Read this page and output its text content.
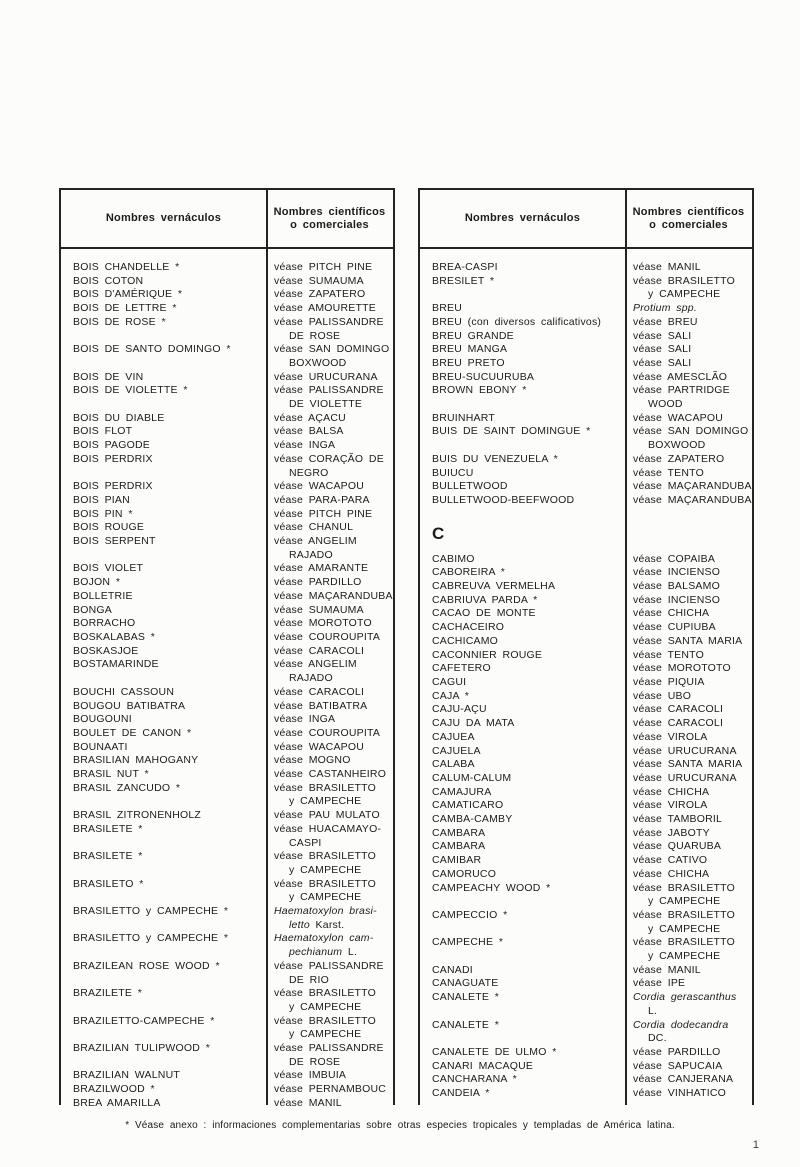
Nombres vernáculos
Nombres científicos
o comerciales
BOIS CHANDELLE *	véase PITCH PINE
BOIS COTON	véase SUMAUMA
BOIS D'AMÉRIQUE *	véase ZAPATERO
BOIS DE LETTRE *	véase AMOURETTE
BOIS DE ROSE *	véase PALISSANDRE
DE ROSE
BOIS DE SANTO DOMINGO *	véase SAN DOMINGO
BOXWOOD
BOIS DE VIN	véase URUCURANA
BOIS DE VIOLETTE *	véase PALISSANDRE
DE VIOLETTE
BOIS DU DIABLE	véase AÇACU
BOIS FLOT	véase BALSA
BOIS PAGODE	véase INGA
BOIS PERDRIX	véase CORAÇÃO DE
NEGRO
BOIS PERDRIX	véase WACAPOU
BOIS PIAN	véase PARA-PARA
BOIS PIN *	véase PITCH PINE
BOIS ROUGE	véase CHANUL
BOIS SERPENT	véase ANGELIM
RAJADO
BOIS VIOLET	véase AMARANTE
BOJON *	véase PARDILLO
BOLLETRIE	véase MAÇARANDUBA
BONGA	véase SUMAUMA
BORRACHO	véase MOROTOTO
BOSKALABAS *	véase COUROUPITA
BOSKASJOE	véase CARACOLI
BOSTAMARINDE	véase ANGELIM
RAJADO
BOUCHI CASSOUN	véase CARACOLI
BOUGOU BATIBATRA	véase BATIBATRA
BOUGOUNI	véase INGA
BOULET DE CANON *	véase COUROUPITA
BOUNAATI	véase WACAPOU
BRASILIAN MAHOGANY	véase MOGNO
BRASIL NUT *	véase CASTANHEIRO
BRASIL ZANCUDO *	véase BRASILETTO
y CAMPECHE
BRASIL ZITRONENHOLZ	véase PAU MULATO
BRASILETE *	véase HUACAMAYO-
CASPI
BRASILETE *	véase BRASILETTO
y CAMPECHE
BRASILETO *	véase BRASILETTO
y CAMPECHE
BRASILETTO y CAMPECHE *	Haematoxylon brasi-
letto Karst.
BRASILETTO y CAMPECHE *	Haematoxylon cam-
pechianum L.
BRAZILEAN ROSE WOOD *	véase PALISSANDRE
DE RIO
BRAZILETE *	véase BRASILETTO
y CAMPECHE
BRAZILETTO-CAMPECHE *	véase BRASILETTO
y CAMPECHE
BRAZILIAN TULIPWOOD *	véase PALISSANDRE
DE ROSE
BRAZILIAN WALNUT	véase IMBUIA
BRAZILWOOD *	véase PERNAMBOUC
BREA AMARILLA	véase MANIL
Nombres vernáculos
Nombres científicos
o comerciales
BREA-CASPI	véase MANIL
BRESILET *	véase BRASILETTO
y CAMPECHE
BREU	Protium spp.
BREU (con diversos calificativos)	véase BREU
BREU GRANDE	véase SALI
BREU MANGA	véase SALI
BREU PRETO	véase SALI
BREU-SUCUURUBA	véase AMESCLÃO
BROWN EBONY *	véase PARTRIDGE
WOOD
BRUINHART	véase WACAPOU
BUIS DE SAINT DOMINGUE *	véase SAN DOMINGO
BOXWOOD
BUIS DU VENEZUELA *	véase ZAPATERO
BUIUCU	véase TENTO
BULLETWOOD	véase MAÇARANDUBA
BULLETWOOD-BEEFWOOD	véase MAÇARANDUBA
C
CABIMO	véase COPAIBA
CABOREIRA *	véase INCIENSO
CABREUVA VERMELHA	véase BALSAMO
CABRIUVA PARDA *	véase INCIENSO
CACAO DE MONTE	véase CHICHA
CACHACEIRO	véase CUPIUBA
CACHICAMO	véase SANTA MARIA
CACONNIER ROUGE	véase TENTO
CAFETERO	véase MOROTOTO
CAGUI	véase PIQUIA
CAJA *	véase UBO
CAJU-AÇU	véase CARACOLI
CAJU DA MATA	véase CARACOLI
CAJUEA	véase VIROLA
CAJUELA	véase URUCURANA
CALABA	véase SANTA MARIA
CALUM-CALUM	véase URUCURANA
CAMAJURA	véase CHICHA
CAMATICARO	véase VIROLA
CAMBA-CAMBY	véase TAMBORIL
CAMBARA	véase JABOTY
CAMBARA	véase QUARUBA
CAMIBAR	véase CATIVO
CAMORUCO	véase CHICHA
CAMPEACHY WOOD *	véase BRASILETTO
y CAMPECHE
CAMPECCIO *	véase BRASILETTO
y CAMPECHE
CAMPECHE *	véase BRASILETTO
y CAMPECHE
CANADI	véase MANIL
CANAGUATE	véase IPE
CANALETE *	Cordia gerascanthus
L.
CANALETE *	Cordia dodecandra
DC.
CANALETE DE ULMO *	véase PARDILLO
CANARI MACAQUE	véase SAPUCAIA
CANCHARANA *	véase CANJERANA
CANDEIA *	véase VINHATICO
* Véase anexo : informaciones complementarias sobre otras especies tropicales y templadas de América latina.
1
